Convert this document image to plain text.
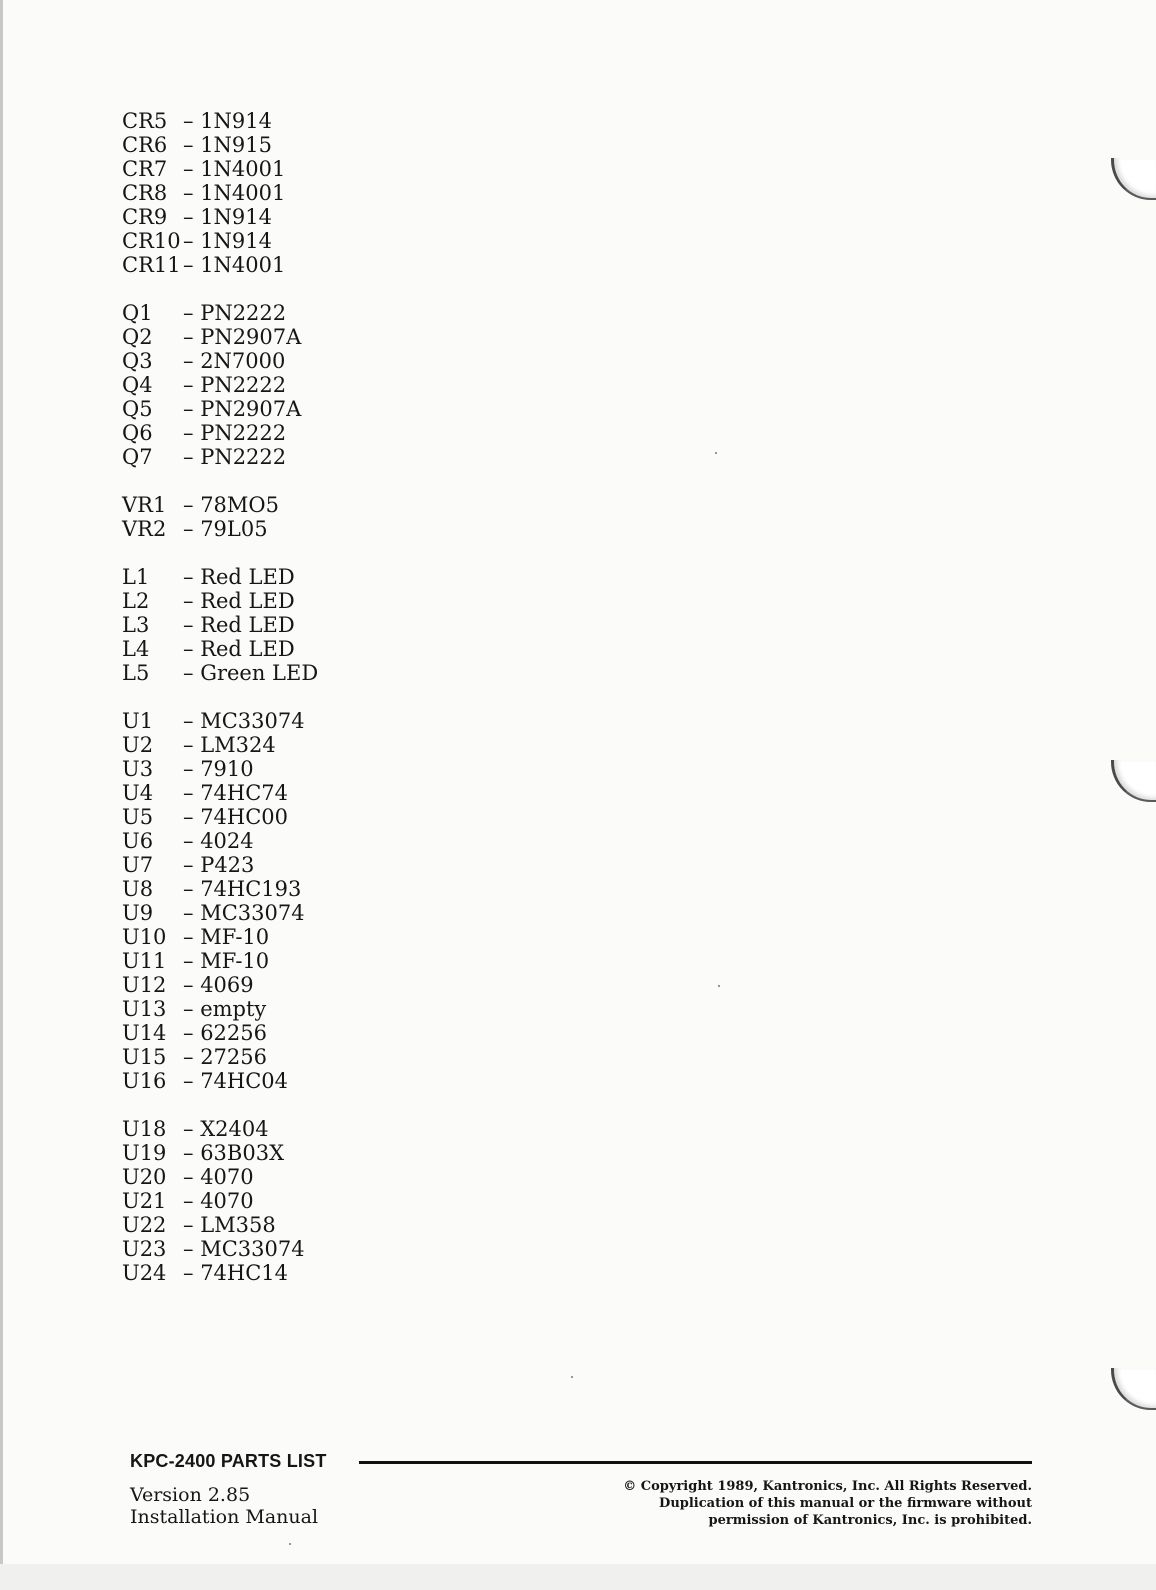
CR5 – 1N914
CR6 – 1N915
CR7 – 1N4001
CR8 – 1N4001
CR9 – 1N914
CR10 – 1N914
CR11 – 1N4001
Q1 – PN2222
Q2 – PN2907A
Q3 – 2N7000
Q4 – PN2222
Q5 – PN2907A
Q6 – PN2222
Q7 – PN2222
VR1 – 78MO5
VR2 – 79L05
L1 – Red LED
L2 – Red LED
L3 – Red LED
L4 – Red LED
L5 – Green LED
U1 – MC33074
U2 – LM324
U3 – 7910
U4 – 74HC74
U5 – 74HC00
U6 – 4024
U7 – P423
U8 – 74HC193
U9 – MC33074
U10 – MF-10
U11 – MF-10
U12 – 4069
U13 – empty
U14 – 62256
U15 – 27256
U16 – 74HC04
U18 – X2404
U19 – 63B03X
U20 – 4070
U21 – 4070
U22 – LM358
U23 – MC33074
U24 – 74HC14
KPC-2400 PARTS LIST
Version 2.85
Installation Manual
© Copyright 1989, Kantronics, Inc. All Rights Reserved.
Duplication of this manual or the firmware without
permission of Kantronics, Inc. is prohibited.
